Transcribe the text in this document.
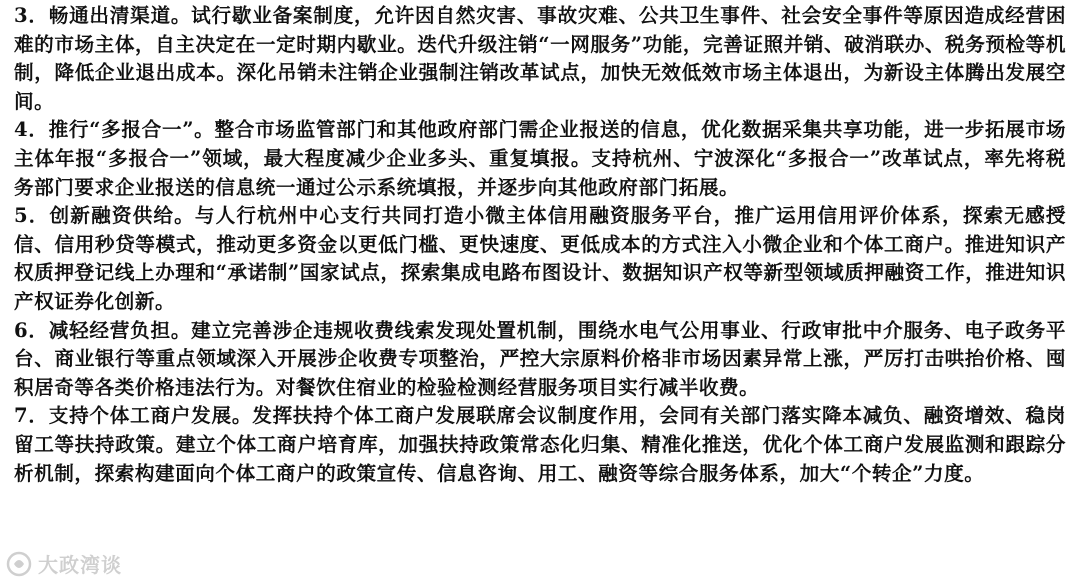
3．畅通出清渠道。试行歇业备案制度，允许因自然灾害、事故灾难、公共卫生事件、社会安全事件等原因造成经营困难的市场主体，自主决定在一定时期内歇业。迭代升级注销“一网服务”功能，完善证照并销、破消联办、税务预检等机制，降低企业退出成本。深化吊销未注销企业强制注销改革试点，加快无效低效市场主体退出，为新设主体腾出发展空间。

4．推行“多报合一”。整合市场监管部门和其他政府部门需企业报送的信息，优化数据采集共享功能，进一步拓展市场主体年报“多报合一”领域，最大程度减少企业多头、重复填报。支持杭州、宁波深化“多报合一”改革试点，率先将税务部门要求企业报送的信息统一通过公示系统填报，并逐步向其他政府部门拓展。

5．创新融资供给。与人行杭州中心支行共同打造小微主体信用融资服务平台，推广运用信用评价体系，探索无感授信、信用秒贷等模式，推动更多资金以更低门槛、更快速度、更低成本的方式注入小微企业和个体工商户。推进知识产权质押登记线上办理和“承诺制”国家试点，探索集成电路布图设计、数据知识产权等新型领域质押融资工作，推进知识产权证券化创新。

6．减轻经营负担。建立完善涉企违规收费线索发现处置机制，围绕水电气公用事业、行政审批中介服务、电子政务平台、商业银行等重点领域深入开展涉企收费专项整治，严控大宗原料价格非市场因素异常上涨，严厉打击哄抬价格、囤积居奇等各类价格违法行为。对餐饮住宿业的检验检测经营服务项目实行减半收费。

7．支持个体工商户发展。发挥扶持个体工商户发展联席会议制度作用，会同有关部门落实降本减负、融资增效、稳岗留工等扶持政策。建立个体工商户培育库，加强扶持政策常态化归集、精准化推送，优化个体工商户发展监测和跟踪分析机制，探索构建面向个体工商户的政策宣传、信息咨询、用工、融资等综合服务体系，加大“个转企”力度。

大政湾谈
